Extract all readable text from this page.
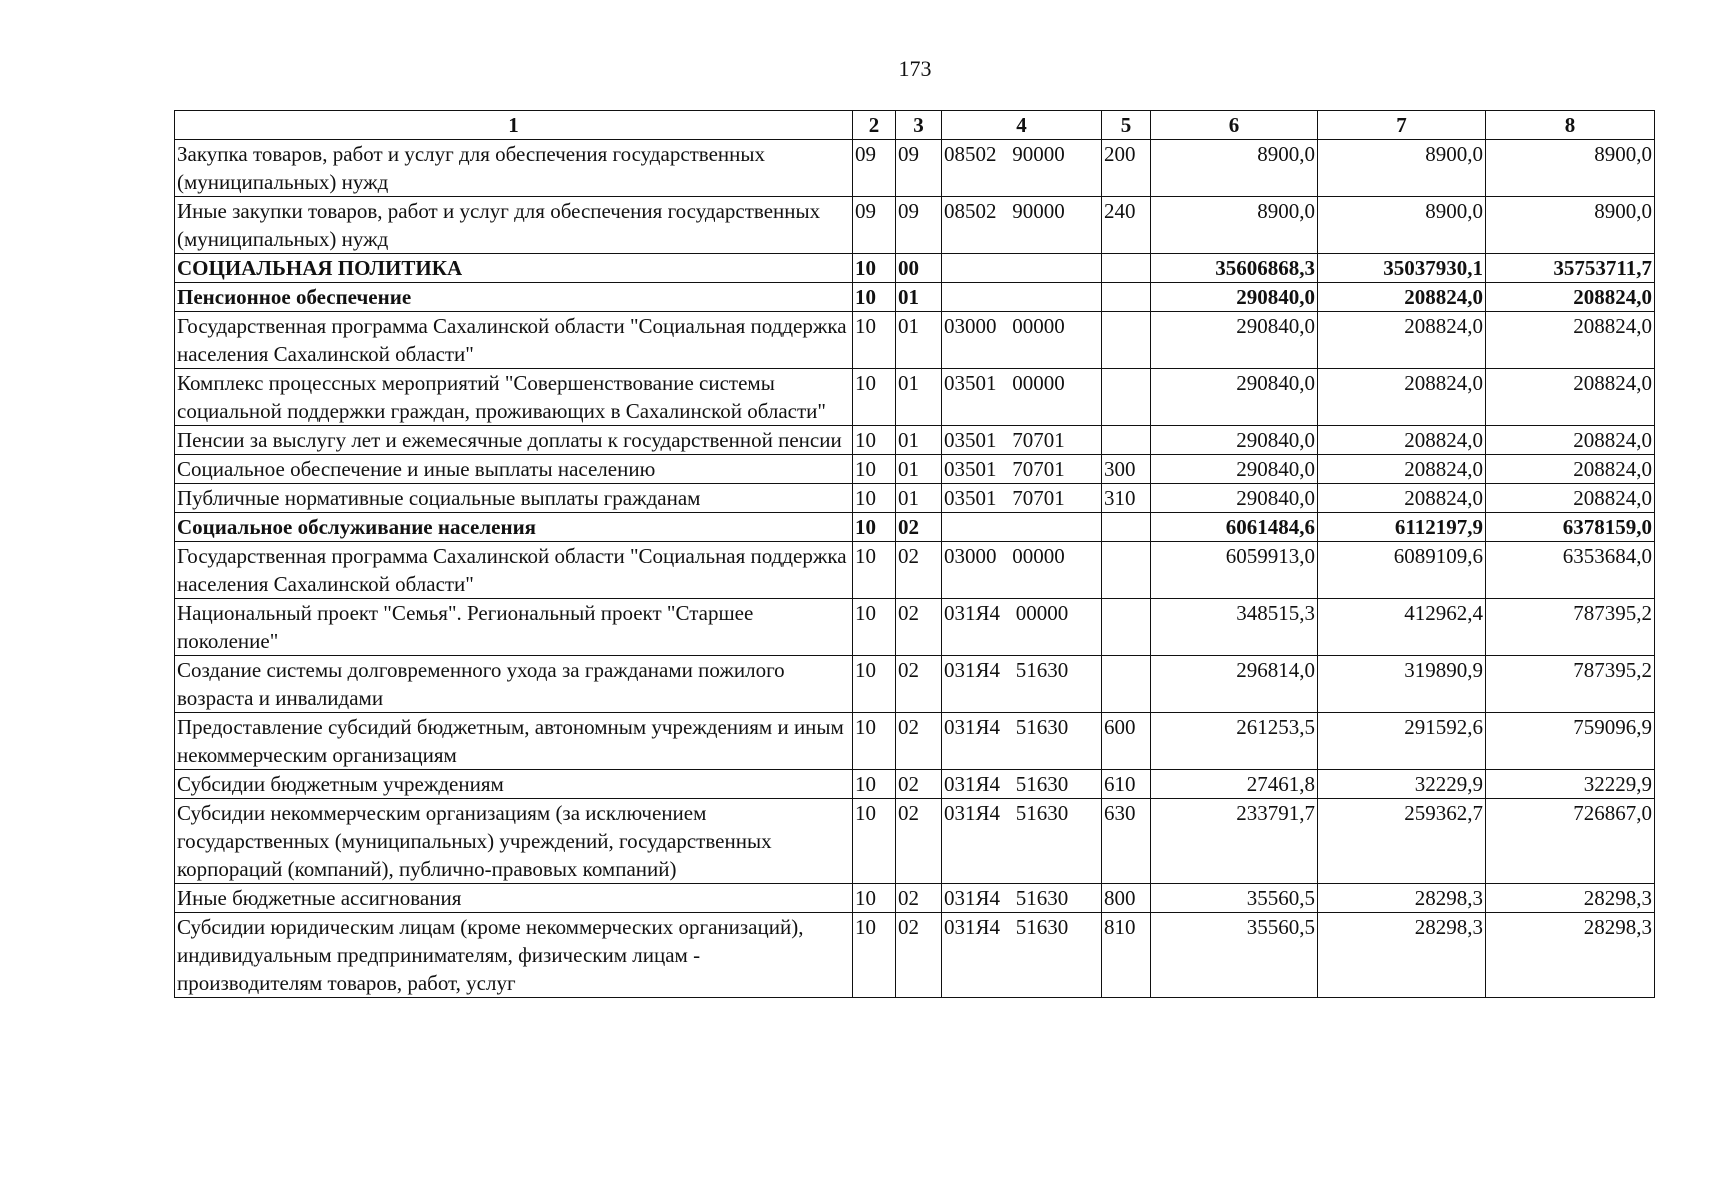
173
1	2	3	4	5	6	7	8
Закупка товаров, работ и услуг для обеспечения государственных (муниципальных) нужд	09	09	08502   90000	200	8900,0	8900,0	8900,0
Иные закупки товаров, работ и услуг для обеспечения государственных (муниципальных) нужд	09	09	08502   90000	240	8900,0	8900,0	8900,0
СОЦИАЛЬНАЯ ПОЛИТИКА	10	00			35606868,3	35037930,1	35753711,7
Пенсионное обеспечение	10	01			290840,0	208824,0	208824,0
Государственная программа Сахалинской области "Социальная поддержка населения Сахалинской области"	10	01	03000   00000		290840,0	208824,0	208824,0
Комплекс процессных мероприятий "Совершенствование системы социальной поддержки граждан, проживающих в Сахалинской области"	10	01	03501   00000		290840,0	208824,0	208824,0
Пенсии за выслугу лет и ежемесячные доплаты к государственной пенсии	10	01	03501   70701		290840,0	208824,0	208824,0
Социальное обеспечение и иные выплаты населению	10	01	03501   70701	300	290840,0	208824,0	208824,0
Публичные нормативные социальные выплаты гражданам	10	01	03501   70701	310	290840,0	208824,0	208824,0
Социальное обслуживание населения	10	02			6061484,6	6112197,9	6378159,0
Государственная программа Сахалинской области "Социальная поддержка населения Сахалинской области"	10	02	03000   00000		6059913,0	6089109,6	6353684,0
Национальный проект "Семья". Региональный проект "Старшее поколение"	10	02	031Я4   00000		348515,3	412962,4	787395,2
Создание системы долговременного ухода за гражданами пожилого возраста и инвалидами	10	02	031Я4   51630		296814,0	319890,9	787395,2
Предоставление субсидий бюджетным, автономным учреждениям и иным некоммерческим организациям	10	02	031Я4   51630	600	261253,5	291592,6	759096,9
Субсидии бюджетным учреждениям	10	02	031Я4   51630	610	27461,8	32229,9	32229,9
Субсидии некоммерческим организациям (за исключением государственных (муниципальных) учреждений, государственных корпораций (компаний), публично-правовых компаний)	10	02	031Я4   51630	630	233791,7	259362,7	726867,0
Иные бюджетные ассигнования	10	02	031Я4   51630	800	35560,5	28298,3	28298,3
Субсидии юридическим лицам (кроме некоммерческих организаций), индивидуальным предпринимателям, физическим лицам - производителям товаров, работ, услуг	10	02	031Я4   51630	810	35560,5	28298,3	28298,3
